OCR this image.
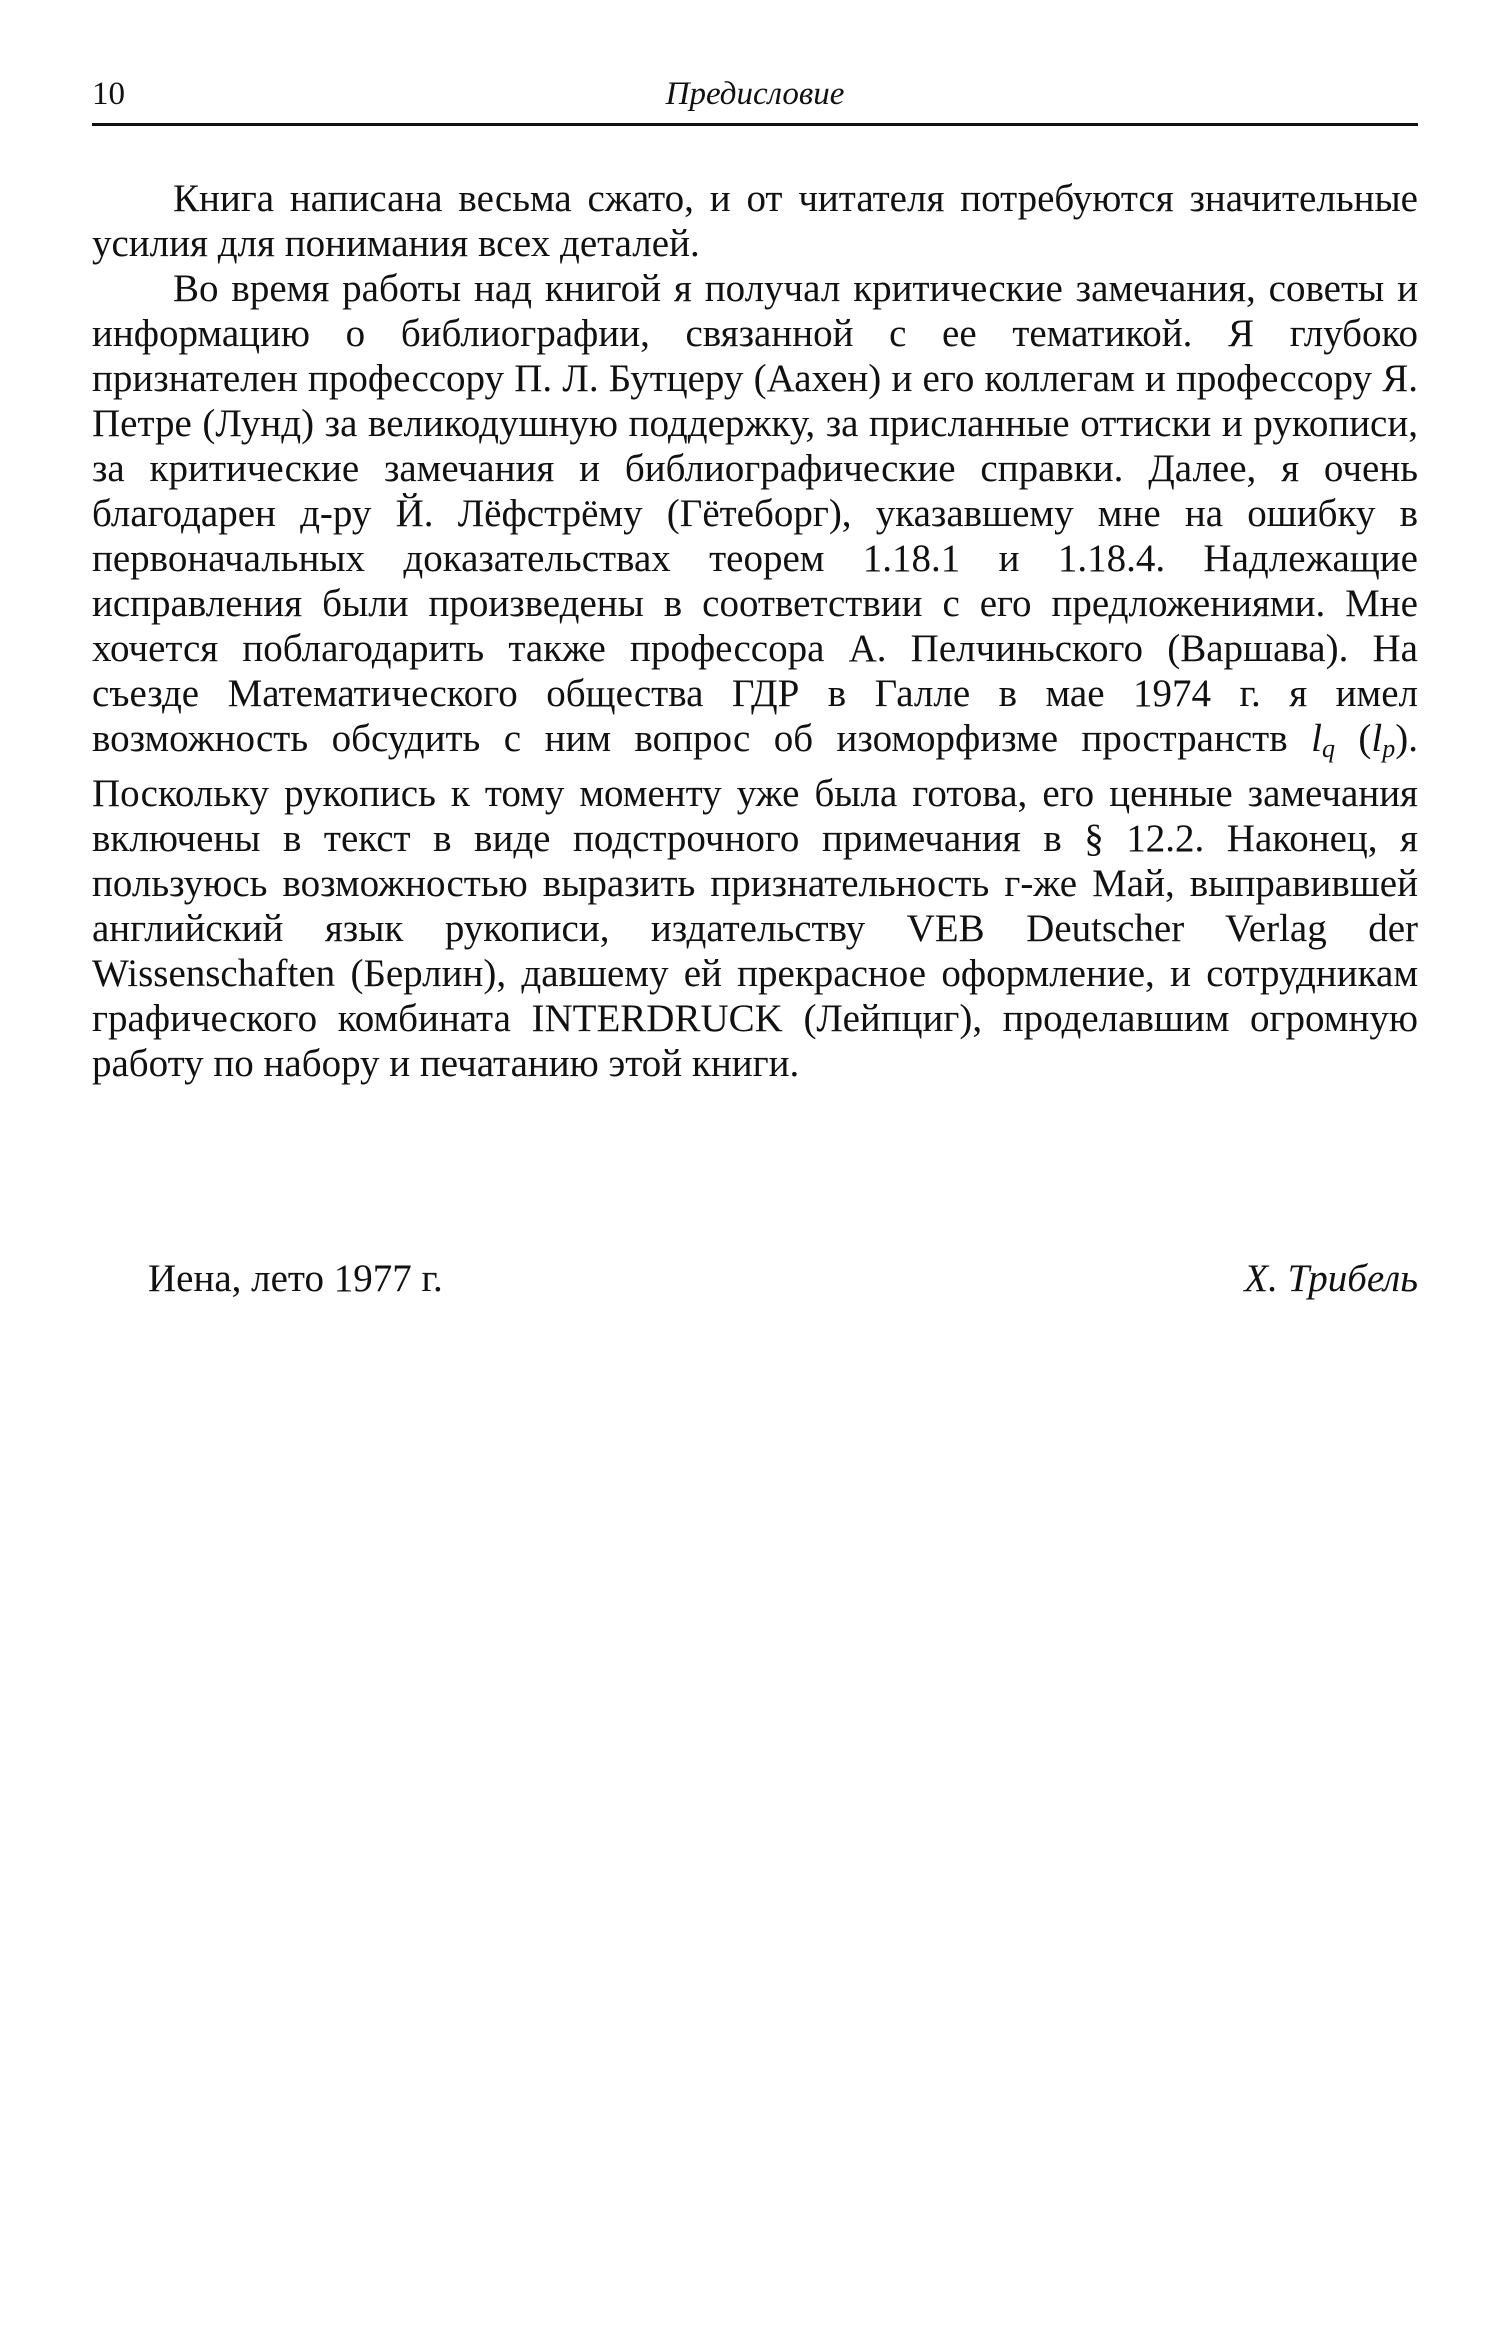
10	Предисловие

Книга написана весьма сжато, и от читателя потребуются значительные усилия для понимания всех деталей.

Во время работы над книгой я получал критические замечания, советы и информацию о библиографии, связанной с ее тематикой. Я глубоко признателен профессору П. Л. Бутцеру (Аахен) и его коллегам и профессору Я. Петре (Лунд) за великодушную поддержку, за присланные оттиски и рукописи, за критические замечания и библиографические справки. Далее, я очень благодарен д-ру Й. Лёфстрёму (Гётеборг), указавшему мне на ошибку в первоначальных доказательствах теорем 1.18.1 и 1.18.4. Надлежащие исправления были произведены в соответствии с его предложениями. Мне хочется поблагодарить также профессора А. Пелчиньского (Варшава). На съезде Математического общества ГДР в Галле в мае 1974 г. я имел возможность обсудить с ним вопрос об изоморфизме пространств $l_q$ $(l_p)$. Поскольку рукопись к тому моменту уже была готова, его ценные замечания включены в текст в виде подстрочного примечания в § 12.2. Наконец, я пользуюсь возможностью выразить признательность г-же Май, выправившей английский язык рукописи, издательству VEB Deutscher Verlag der Wissenschaften (Берлин), давшему ей прекрасное оформление, и сотрудникам графического комбината INTERDRUCK (Лейпциг), проделавшим огромную работу по набору и печатанию этой книги.

Иена, лето 1977 г.	X. Трибель
